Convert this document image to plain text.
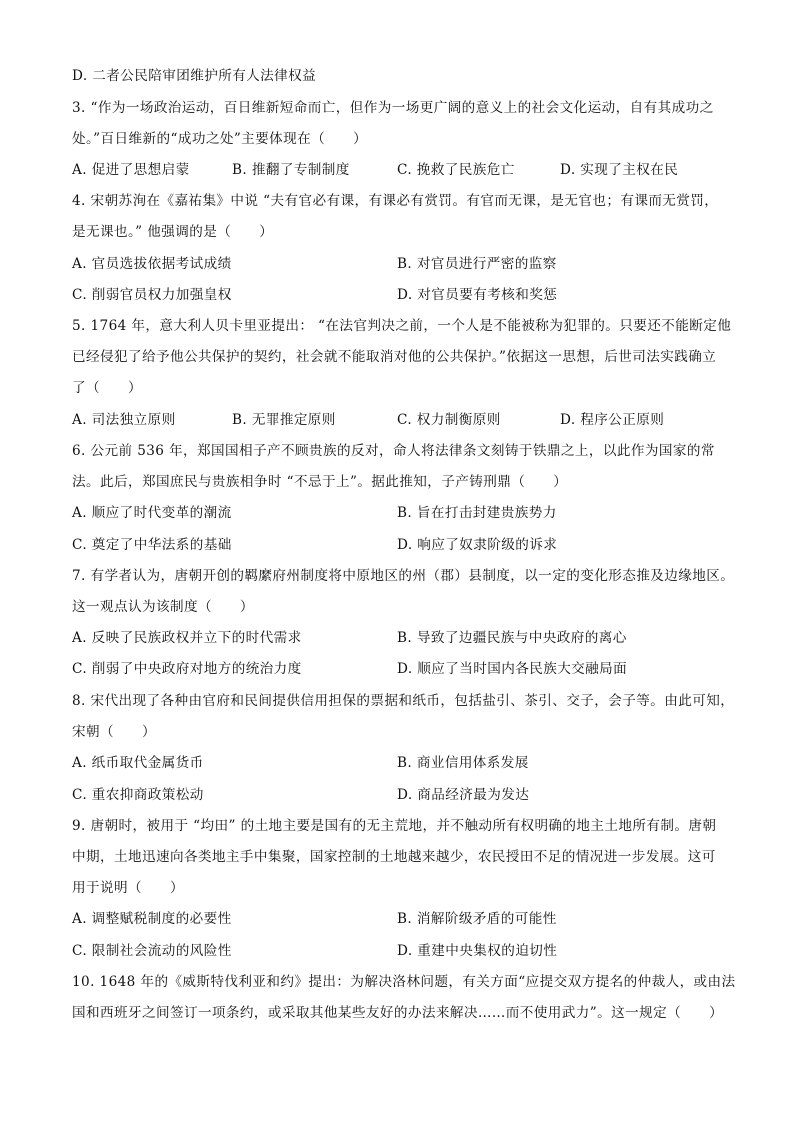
D. 二者公民陪审团维护所有人法律权益
3. “作为一场政治运动，百日维新短命而亡，但作为一场更广阔的意义上的社会文化运动，自有其成功之
处。”百日维新的“成功之处”主要体现在（　　）
A. 促进了思想启蒙	B. 推翻了专制制度	C. 挽救了民族危亡	D. 实现了主权在民
4. 宋朝苏洵在《嘉祐集》中说 “夫有官必有课，有课必有赏罚。有官而无课，是无官也；有课而无赏罚，
是无课也。” 他强调的是（　　）
A. 官员选拔依据考试成绩	B. 对官员进行严密的监察
C. 削弱官员权力加强皇权	D. 对官员要有考核和奖惩
5. 1764 年，意大利人贝卡里亚提出： “在法官判决之前，一个人是不能被称为犯罪的。只要还不能断定他
已经侵犯了给予他公共保护的契约，社会就不能取消对他的公共保护。”依据这一思想，后世司法实践确立
了（　　）
A. 司法独立原则	B. 无罪推定原则	C. 权力制衡原则	D. 程序公正原则
6. 公元前 536 年，郑国国相子产不顾贵族的反对，命人将法律条文刻铸于铁鼎之上，以此作为国家的常
法。此后，郑国庶民与贵族相争时 “不忌于上”。据此推知，子产铸刑鼎（　　）
A. 顺应了时代变革的潮流	B. 旨在打击封建贵族势力
C. 奠定了中华法系的基础	D. 响应了奴隶阶级的诉求
7. 有学者认为，唐朝开创的羁縻府州制度将中原地区的州（郡）县制度，以一定的变化形态推及边缘地区。
这一观点认为该制度（　　）
A. 反映了民族政权并立下的时代需求	B. 导致了边疆民族与中央政府的离心
C. 削弱了中央政府对地方的统治力度	D. 顺应了当时国内各民族大交融局面
8. 宋代出现了各种由官府和民间提供信用担保的票据和纸币，包括盐引、茶引、交子，会子等。由此可知，
宋朝（　　）
A. 纸币取代金属货币	B. 商业信用体系发展
C. 重农抑商政策松动	D. 商品经济最为发达
9. 唐朝时，被用于 “均田” 的土地主要是国有的无主荒地，并不触动所有权明确的地主土地所有制。唐朝
中期，土地迅速向各类地主手中集聚，国家控制的土地越来越少，农民授田不足的情况进一步发展。这可
用于说明（　　）
A. 调整赋税制度的必要性	B. 消解阶级矛盾的可能性
C. 限制社会流动的风险性	D. 重建中央集权的迫切性
10. 1648 年的《威斯特伐利亚和约》提出：为解决洛林问题，有关方面“应提交双方提名的仲裁人，或由法
国和西班牙之间签订一项条约，或采取其他某些友好的办法来解决……而不使用武力”。这一规定（　　）
